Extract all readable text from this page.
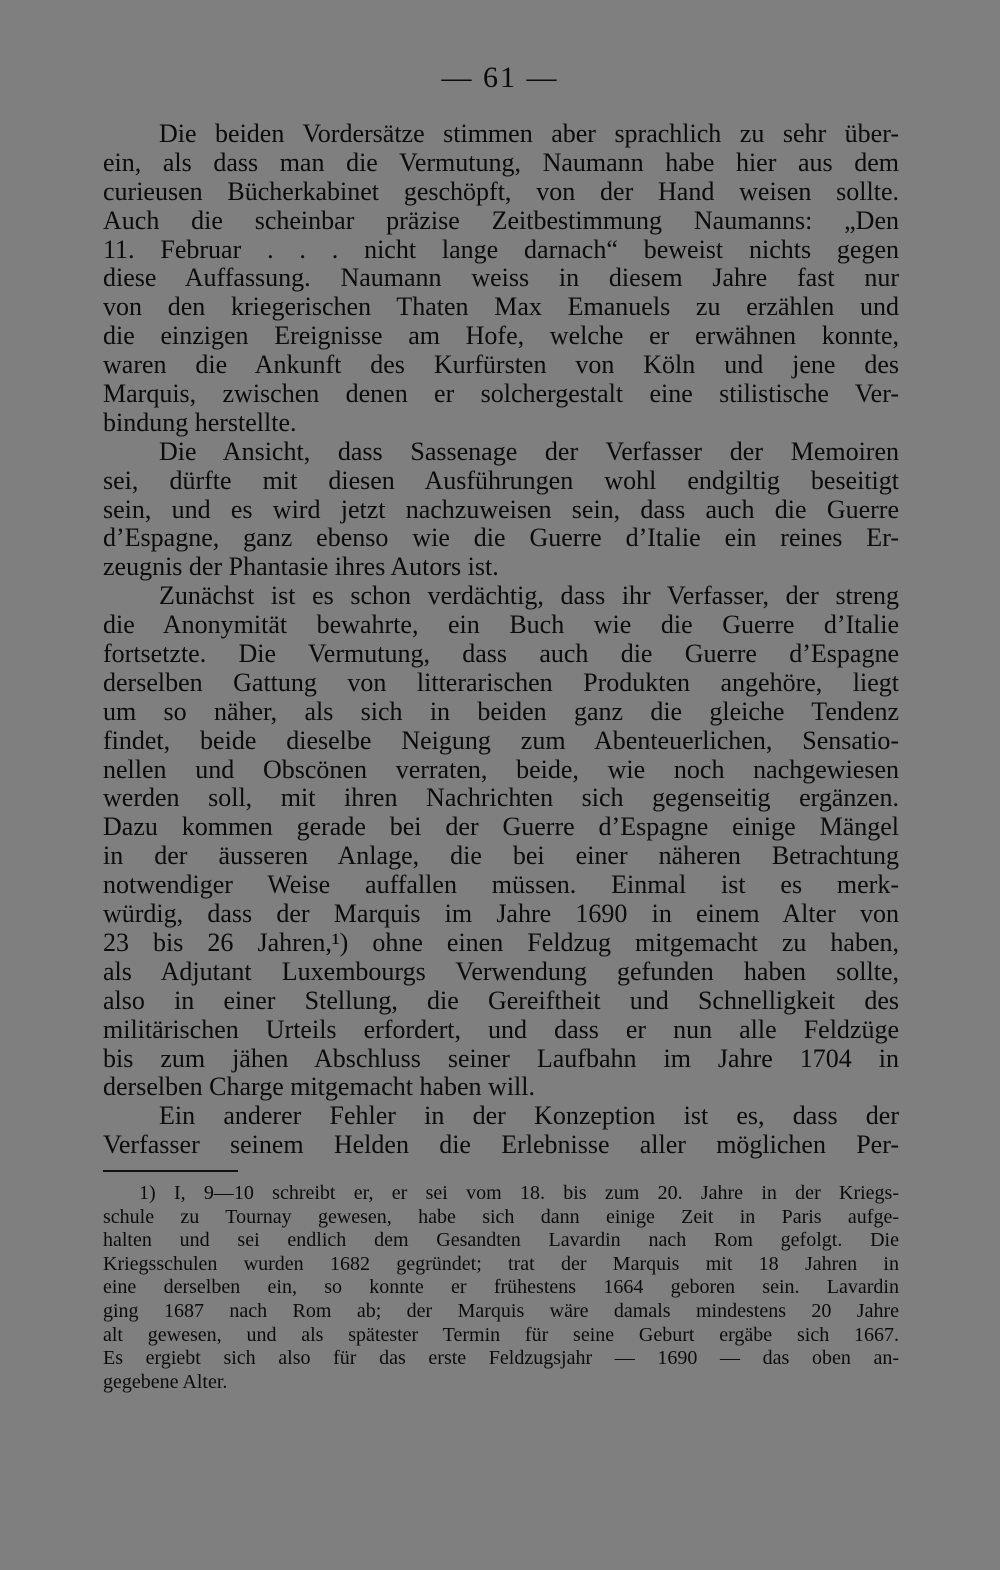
— 61 —
Die beiden Vordersätze stimmen aber sprachlich zu sehr über-
ein, als dass man die Vermutung, Naumann habe hier aus dem
curieusen Bücherkabinet geschöpft, von der Hand weisen sollte.
Auch die scheinbar präzise Zeitbestimmung Naumanns: „Den
11. Februar . . . nicht lange darnach“ beweist nichts gegen
diese Auffassung. Naumann weiss in diesem Jahre fast nur
von den kriegerischen Thaten Max Emanuels zu erzählen und
die einzigen Ereignisse am Hofe, welche er erwähnen konnte,
waren die Ankunft des Kurfürsten von Köln und jene des
Marquis, zwischen denen er solchergestalt eine stilistische Ver-
bindung herstellte.
Die Ansicht, dass Sassenage der Verfasser der Memoiren
sei, dürfte mit diesen Ausführungen wohl endgiltig beseitigt
sein, und es wird jetzt nachzuweisen sein, dass auch die Guerre
d’Espagne, ganz ebenso wie die Guerre d’Italie ein reines Er-
zeugnis der Phantasie ihres Autors ist.
Zunächst ist es schon verdächtig, dass ihr Verfasser, der streng
die Anonymität bewahrte, ein Buch wie die Guerre d’Italie
fortsetzte. Die Vermutung, dass auch die Guerre d’Espagne
derselben Gattung von litterarischen Produkten angehöre, liegt
um so näher, als sich in beiden ganz die gleiche Tendenz
findet, beide dieselbe Neigung zum Abenteuerlichen, Sensatio-
nellen und Obscönen verraten, beide, wie noch nachgewiesen
werden soll, mit ihren Nachrichten sich gegenseitig ergänzen.
Dazu kommen gerade bei der Guerre d’Espagne einige Mängel
in der äusseren Anlage, die bei einer näheren Betrachtung
notwendiger Weise auffallen müssen. Einmal ist es merk-
würdig, dass der Marquis im Jahre 1690 in einem Alter von
23 bis 26 Jahren,¹) ohne einen Feldzug mitgemacht zu haben,
als Adjutant Luxembourgs Verwendung gefunden haben sollte,
also in einer Stellung, die Gereiftheit und Schnelligkeit des
militärischen Urteils erfordert, und dass er nun alle Feldzüge
bis zum jähen Abschluss seiner Laufbahn im Jahre 1704 in
derselben Charge mitgemacht haben will.
Ein anderer Fehler in der Konzeption ist es, dass der
Verfasser seinem Helden die Erlebnisse aller möglichen Per-
1) I, 9—10 schreibt er, er sei vom 18. bis zum 20. Jahre in der Kriegs-
schule zu Tournay gewesen, habe sich dann einige Zeit in Paris aufge-
halten und sei endlich dem Gesandten Lavardin nach Rom gefolgt. Die
Kriegsschulen wurden 1682 gegründet; trat der Marquis mit 18 Jahren in
eine derselben ein, so konnte er frühestens 1664 geboren sein. Lavardin
ging 1687 nach Rom ab; der Marquis wäre damals mindestens 20 Jahre
alt gewesen, und als spätester Termin für seine Geburt ergäbe sich 1667.
Es ergiebt sich also für das erste Feldzugsjahr — 1690 — das oben an-
gegebene Alter.
